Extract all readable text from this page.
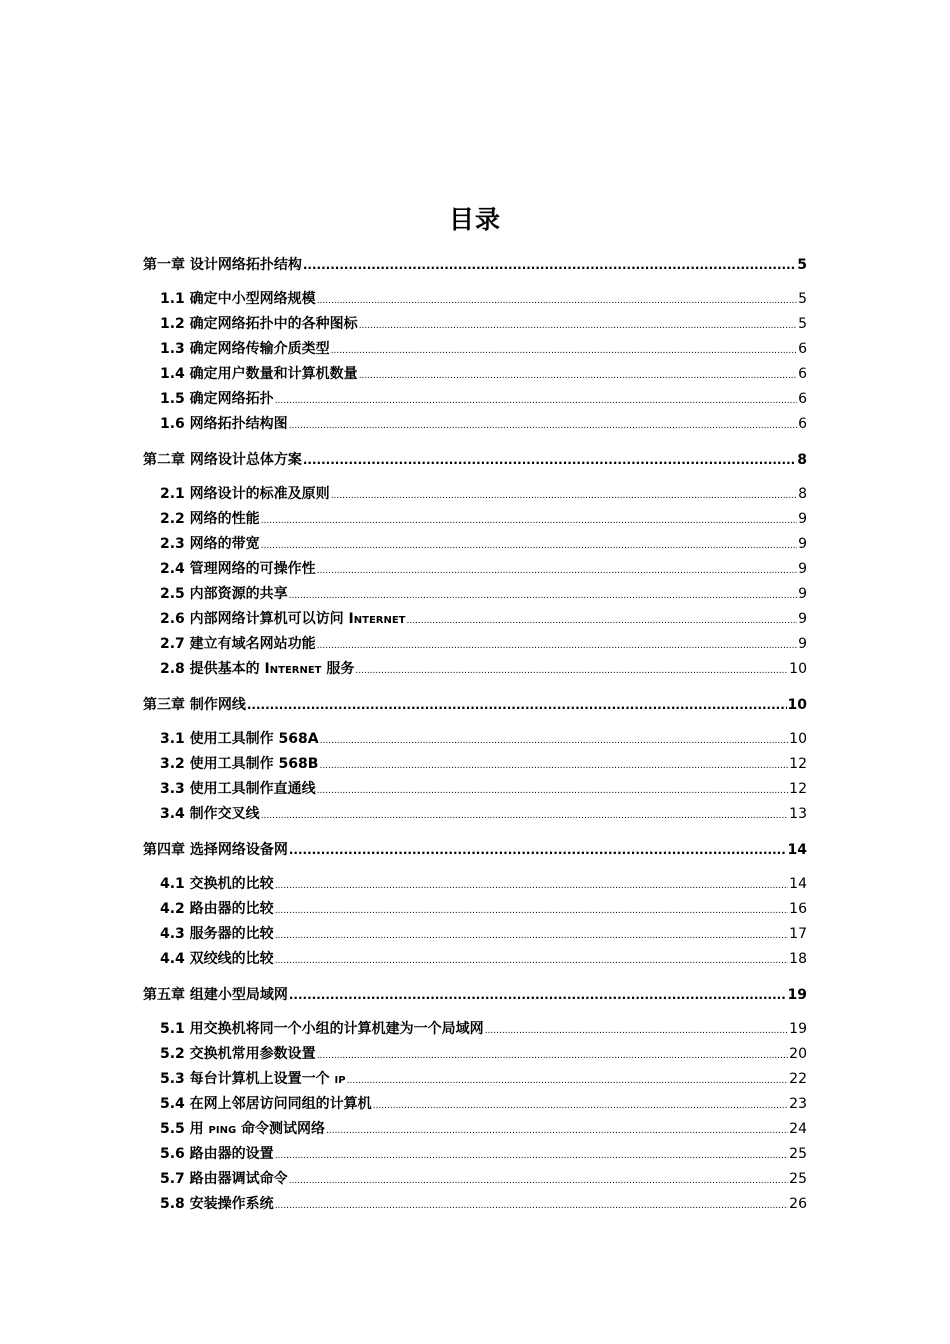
目录
第一章 设计网络拓扑结构 .....	5
1.1 确定中小型网络规模 .....	5
1.2 确定网络拓扑中的各种图标 .....	5
1.3 确定网络传输介质类型 .....	6
1.4 确定用户数量和计算机数量 .....	6
1.5 确定网络拓扑 .....	6
1.6 网络拓扑结构图 .....	6
第二章 网络设计总体方案 .....	8
2.1 网络设计的标准及原则 .....	8
2.2 网络的性能 .....	9
2.3 网络的带宽 .....	9
2.4 管理网络的可操作性 .....	9
2.5 内部资源的共享 .....	9
2.6 内部网络计算机可以访问 Internet .....	9
2.7 建立有域名网站功能 .....	9
2.8 提供基本的 Internet 服务 .....	10
第三章 制作网线 .....	10
3.1 使用工具制作 568A .....	10
3.2 使用工具制作 568B .....	12
3.3 使用工具制作直通线 .....	12
3.4 制作交叉线 .....	13
第四章 选择网络设备网 .....	14
4.1 交换机的比较 .....	14
4.2 路由器的比较 .....	16
4.3 服务器的比较 .....	17
4.4 双绞线的比较 .....	18
第五章 组建小型局域网 .....	19
5.1 用交换机将同一个小组的计算机建为一个局域网 .....	19
5.2 交换机常用参数设置 .....	20
5.3 每台计算机上设置一个 ip .....	22
5.4 在网上邻居访问同组的计算机 .....	23
5.5 用 ping 命令测试网络 .....	24
5.6 路由器的设置 .....	25
5.7 路由器调试命令 .....	25
5.8 安装操作系统 .....	26
